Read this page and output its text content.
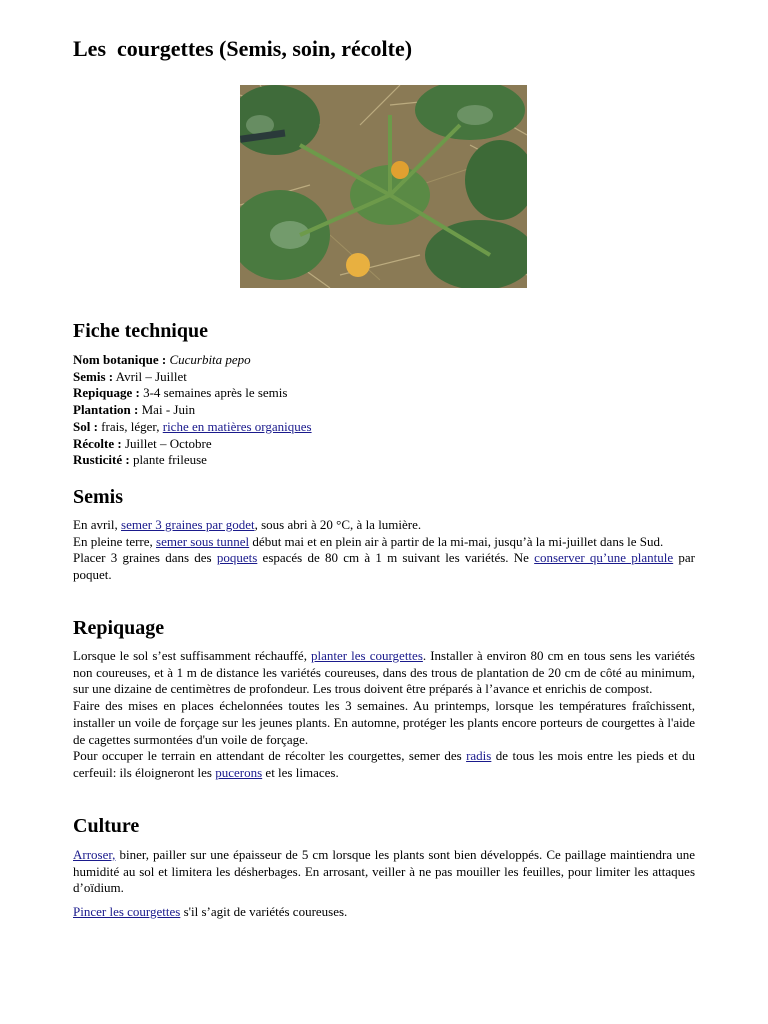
Les  courgettes (Semis, soin, récolte)
Fiche technique
Nom botanique : Cucurbita pepo
Semis : Avril – Juillet
Repiquage : 3-4 semaines après le semis
Plantation : Mai - Juin
Sol : frais, léger, riche en matières organiques
Récolte : Juillet – Octobre
Rusticité : plante frileuse
Semis

En avril, semer 3 graines par godet, sous abri à 20 °C, à la lumière.

En pleine terre, semer sous tunnel début mai et en plein air à partir de la mi-mai, jusqu’à la mi-juillet dans le Sud.

Placer 3 graines dans des poquets espacés de 80 cm à 1 m suivant les variétés. Ne conserver qu’une plantule par poquet.

Repiquage

Lorsque le sol s’est suffisamment réchauffé, planter les courgettes. Installer à environ 80 cm en tous sens les variétés non coureuses, et à 1 m de distance les variétés coureuses, dans des trous de plantation de 20 cm de côté au minimum, sur une dizaine de centimètres de profondeur. Les trous doivent être préparés à l’avance et enrichis de compost.

Faire des mises en places échelonnées toutes les 3 semaines. Au printemps, lorsque les températures fraîchissent, installer un voile de forçage sur les jeunes plants. En automne, protéger les plants encore porteurs de courgettes à l'aide de cagettes surmontées d'un voile de forçage.

Pour occuper le terrain en attendant de récolter les courgettes, semer des radis de tous les mois entre les pieds et du cerfeuil: ils éloigneront les pucerons et les limaces.

Culture

Arroser, biner, pailler sur une épaisseur de 5 cm lorsque les plants sont bien développés. Ce paillage maintiendra une humidité au sol et limitera les désherbages. En arrosant, veiller à ne pas mouiller les feuilles, pour limiter les attaques d’oïdium.

Pincer les courgettes s'il s’agit de variétés coureuses.
